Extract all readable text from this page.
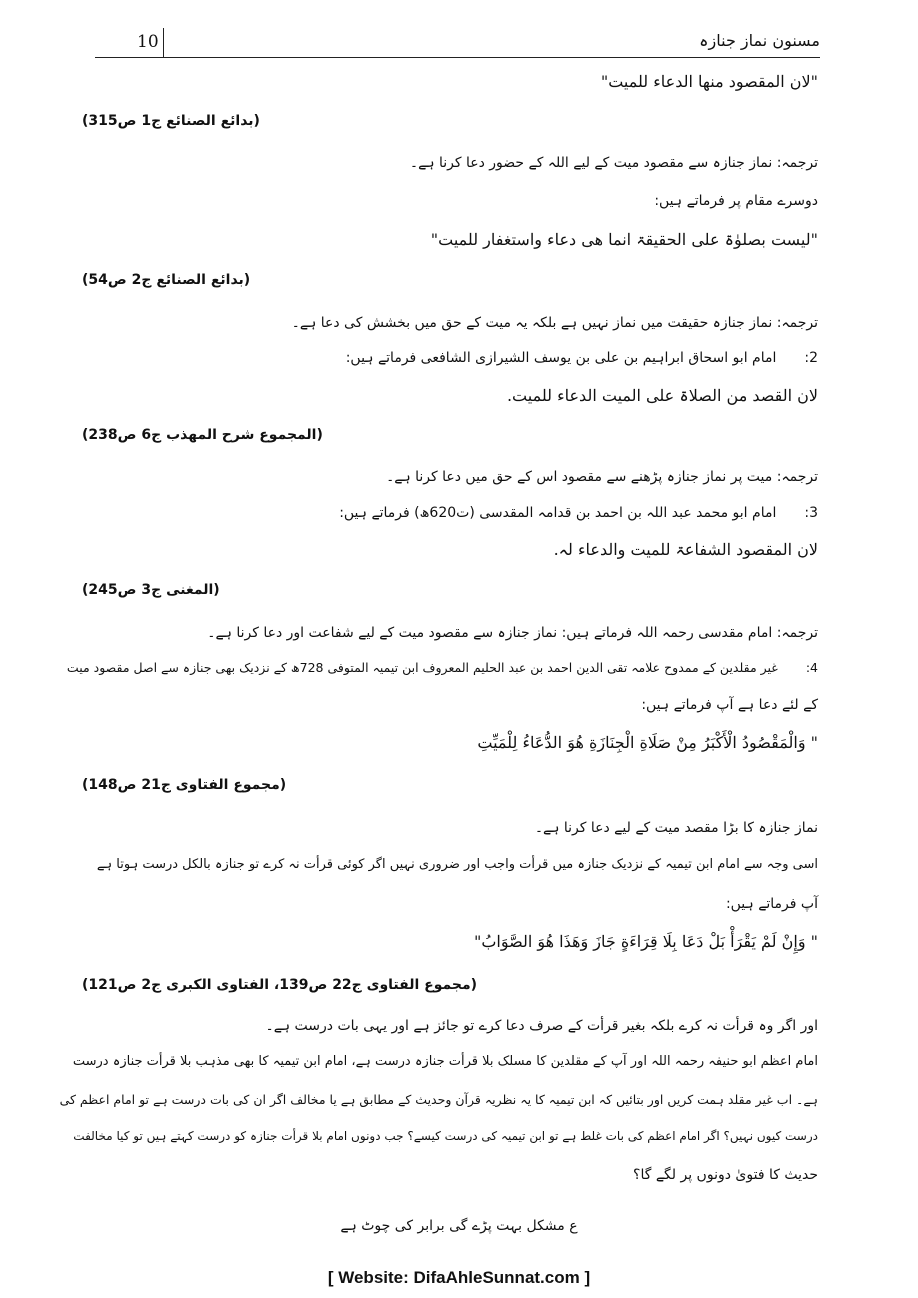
10	مسنون نماز جنازہ
"لان المقصود منها الدعاء للمیت"
(بدائع الصنائع ج1 ص315)
ترجمہ: نماز جنازہ سے مقصود میت کے لیے اللہ کے حضور دعا کرنا ہے۔
دوسرے مقام پر فرماتے ہیں:
"لیست بصلوٰۃ علی الحقیقۃ انما ھی دعاء واستغفار للمیت"
(بدائع الصنائع ج2 ص54)
ترجمہ: نماز جنازہ حقیقت میں نماز نہیں ہے بلکہ یہ میت کے حق میں بخشش کی دعا ہے۔
2:امام ابو اسحاق ابراہیم بن علی بن یوسف الشیرازی الشافعی فرماتے ہیں:
لان القصد من الصلاۃ علی المیت الدعاء للمیت.
(المجموع شرح المھذب ج6 ص238)
ترجمہ: میت پر نماز جنازہ پڑھنے سے مقصود اس کے حق میں دعا کرنا ہے۔
3:امام ابو محمد عبد اللہ بن احمد بن قدامہ المقدسی (ت620ھ) فرماتے ہیں:
لان المقصود الشفاعۃ للمیت والدعاء لہ.
(المغنی ج3 ص245)
ترجمہ: امام مقدسی رحمہ اللہ فرماتے ہیں: نماز جنازہ سے مقصود میت کے لیے شفاعت اور دعا کرنا ہے۔
4:غیر مقلدین کے ممدوح علامہ تقی الدین احمد بن عبد الحلیم المعروف ابن تیمیہ المتوفی 728ھ کے نزدیک بھی جنازہ سے اصل مقصود میت
کے لئے دعا ہے آپ فرماتے ہیں:
" وَالْمَقْصُودُ الْأَكْبَرُ مِنْ صَلَاةِ الْجِنَازَةِ هُوَ الدُّعَاءُ لِلْمَيِّتِ
(مجموع الفتاوی ج21 ص148)
نماز جنازہ کا بڑا مقصد میت کے لیے دعا کرنا ہے۔
اسی وجہ سے امام ابن تیمیہ کے نزدیک جنازہ میں قرأت واجب اور ضروری نہیں اگر کوئی قرأت نہ کرے تو جنازہ بالکل درست ہوتا ہے
آپ فرماتے ہیں:
" وَإِنْ لَمْ يَقْرَأْ بَلْ دَعَا بِلَا قِرَاءَةٍ جَازَ وَهَذَا هُوَ الصَّوَابُ"
(مجموع الفتاوی ج22 ص139، الفتاوی الکبری ج2 ص121)
اور اگر وہ قرأت نہ کرے بلکہ بغیر قرأت کے صرف دعا کرے تو جائز ہے اور یہی بات درست ہے۔
امام اعظم ابو حنیفہ رحمہ اللہ اور آپ کے مقلدین کا مسلک بلا قرأت جنازہ درست ہے، امام ابن تیمیہ کا بھی مذہب بلا قرأت جنازہ درست
ہے۔ اب غیر مقلد ہمت کریں اور بتائیں کہ ابن تیمیہ کا یہ نظریہ قرآن وحدیث کے مطابق ہے یا مخالف اگر ان کی بات درست ہے تو امام اعظم کی
درست کیوں نہیں؟ اگر امام اعظم کی بات غلط ہے تو ابن تیمیہ کی درست کیسے؟ جب دونوں امام بلا قرأت جنازہ کو درست کہتے ہیں تو کیا مخالفت
حدیث کا فتویٰ دونوں پر لگے گا؟
ع مشکل بہت پڑے گی برابر کی چوٹ ہے
[ Website: DifaAhleSunnat.com ]
